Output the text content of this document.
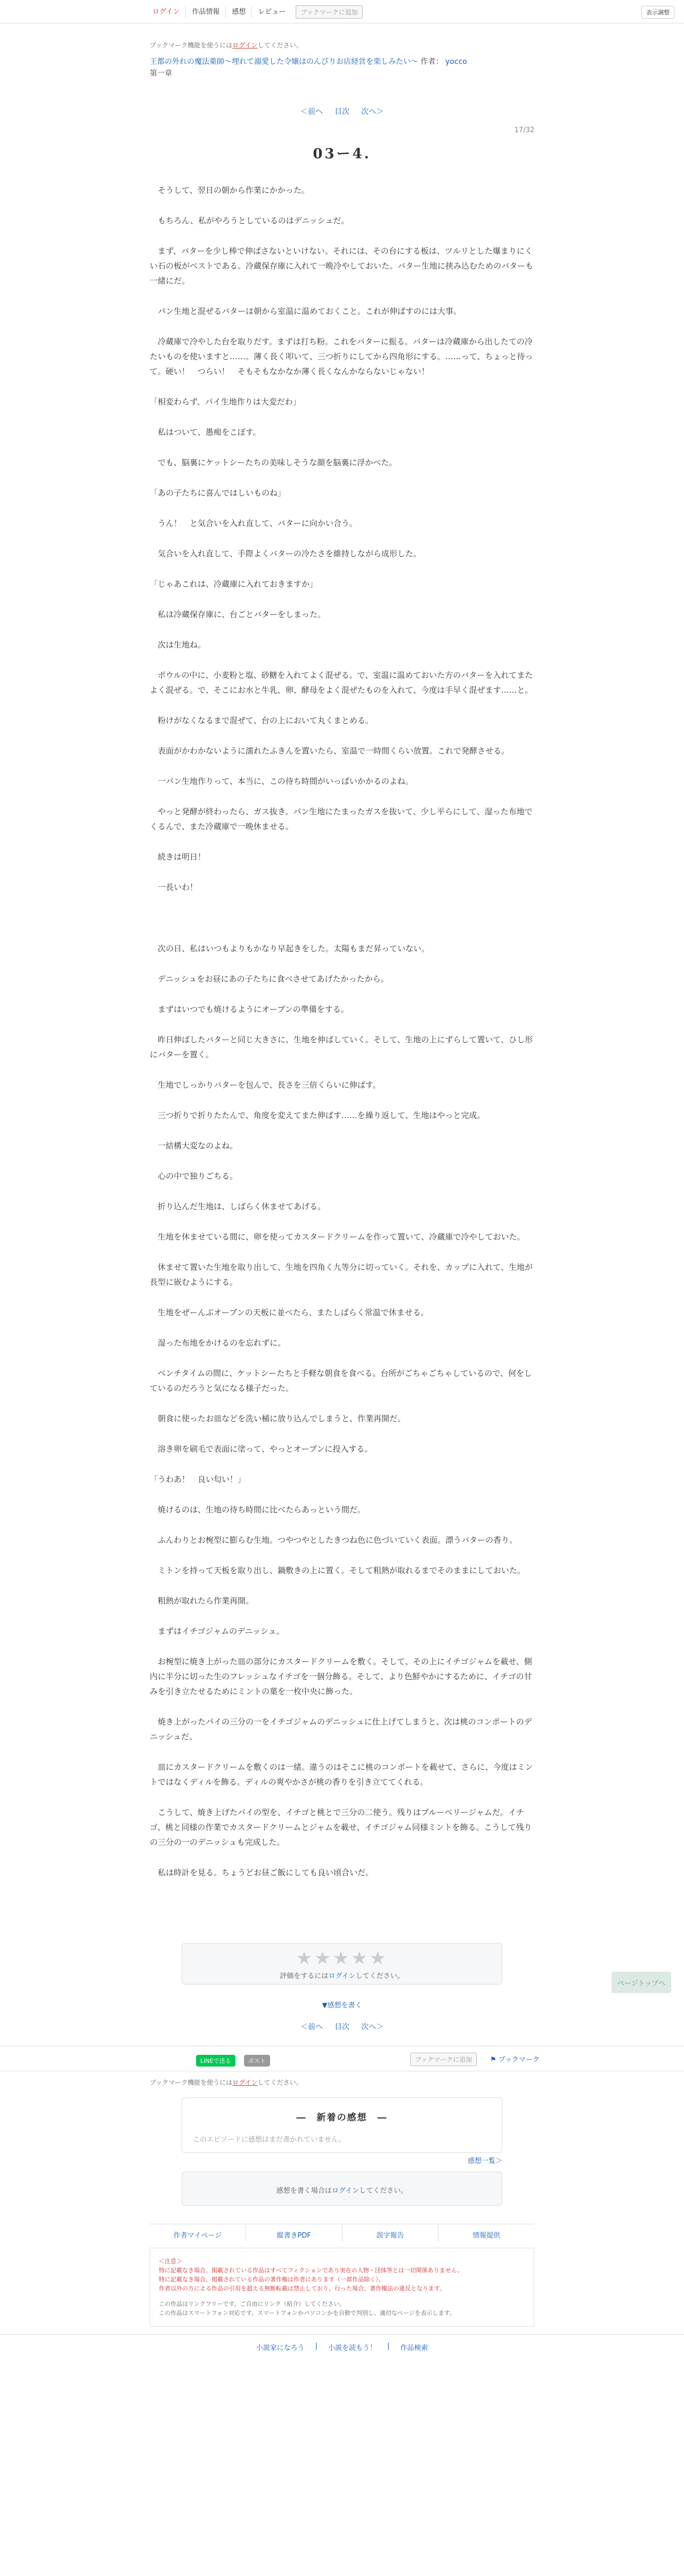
ログイン	作品情報	感想	レビュー	ブックマークに追加	表示調整
ブックマーク機能を使うにはログインしてください。
王都の外れの魔法薬師〜埋れて溺愛した令嬢はのんびりお店経営を楽しみたい〜 作者： yocco
第一章
＜前へ 目次 次へ＞
17/32
03ー4.

　そうして、翌日の朝から作業にかかった。

　もちろん、私がやろうとしているのはデニッシュだ。

　まず、バターを少し棒で伸ばさないといけない。それには、その台にする板は、ツルリとした爆まりにくい石の板がベストである。冷蔵保存庫に入れて一晩冷やしておいた。バター生地に挟み込むためのバターも一緒にだ。

　パン生地と混ぜるバターは朝から室温に温めておくこと。これが伸ばすのには大事。

　冷蔵庫で冷やした台を取りだす。まずは打ち粉。これをバターに振る。バターは冷蔵庫から出したての冷たいものを使いますと……。薄く長く叩いて、三つ折りにしてから四角形にする。……って、ちょっと待って。硬い！　つらい！　そもそもなかなか薄く長くなんかならないじゃない！

「相変わらず、パイ生地作りは大変だわ」

　私はついて、愚痴をこぼす。

　でも、脳裏にケットシーたちの美味しそうな顔を脳裏に浮かべた。

「あの子たちに喜んではしいものね」

　うん！　と気合いを入れ直して、バターに向かい合う。

　気合いを入れ直して、手際よくバターの冷たさを維持しながら成形した。

「じゃあこれは、冷蔵庫に入れておきますか」

　私は冷蔵保存庫に、台ごとバターをしまった。

　次は生地ね。

　ボウルの中に、小麦粉と塩、砂糖を入れてよく混ぜる。で、室温に温めておいた方のバターを入れてまたよく混ぜる。で、そこにお水と牛乳、卵、酵母をよく混ぜたものを入れて、今度は手早く混ぜます……と。

　粉けがなくなるまで混ぜて、台の上において丸くまとめる。

　表面がかわかないように濡れたふきんを置いたら、室温で一時間くらい放置。これで発酵させる。

　一パン生地作りって、本当に、この待ち時間がいっぱいかかるのよね。

　やっと発酵が終わったら、ガス抜き。パン生地にたまったガスを抜いて、少し平らにして、湿った布地でくるんで、また冷蔵庫で一晩休ませる。

　続きは明日！

　一長いわ！

　次の日、私はいつもよりもかなり早起きをした。太陽もまだ昇っていない。

　デニッシュをお昼にあの子たちに食べさせてあげたかったから。

　まずはいつでも焼けるようにオーブンの準備をする。

　昨日伸ばしたバターと同じ大きさに、生地を伸ばしていく。そして、生地の上にずらして置いて、ひし形にバターを置く。

　生地でしっかりバターを包んで、長さを三倍くらいに伸ばす。

　三つ折りで折りたたんで、角度を変えてまた伸ばす……を繰り返して、生地はやっと完成。

　一結構大変なのよね。

　心の中で独りごちる。

　折り込んだ生地は、しばらく休ませてあげる。

　生地を休ませている間に、卵を使ってカスタードクリームを作って置いて、冷蔵庫で冷やしておいた。

　休ませて置いた生地を取り出して、生地を四角く九等分に切っていく。それを、カップに入れて、生地が長型に嵌むようにする。

　生地をぜーんぶオーブンの天板に並べたら、またしばらく常温で休ませる。

　湿った布地をかけるのを忘れずに。

　ベンチタイムの間に、ケットシーたちと手軽な朝食を食べる。台所がごちゃごちゃしているので、何をしているのだろうと気になる様子だった。

　朝食に使ったお皿などを洗い桶に放り込んでしまうと、作業再開だ。

　溶き卵を刷毛で表面に塗って、やっとオーブンに投入する。

「うわあ！　良い匂い！」

　焼けるのは、生地の待ち時間に比べたらあっという間だ。

　ふんわりとお椀型に膨らむ生地。つやつやとしたきつね色に色づいていく表面。漂うバターの香り。

　ミトンを持って天板を取り出し、鍋敷きの上に置く。そして粗熱が取れるまでそのままにしておいた。

　粗熱が取れたら作業再開。

　まずはイチゴジャムのデニッシュ。

　お椀型に焼き上がった皿の部分にカスタードクリームを敷く。そして、その上にイチゴジャムを載せ、側内に半分に切った生のフレッシュなイチゴを一個分飾る。そして、より色鮮やかにするために、イチゴの甘みを引き立たせるためにミントの葉を一枚中央に飾った。

　焼き上がったパイの三分の一をイチゴジャムのデニッシュに仕上げてしまうと、次は桃のコンポートのデニッシュだ。

　皿にカスタードクリームを敷くのは一緒。違うのはそこに桃のコンポートを載せて、さらに、今度はミントではなくディルを飾る。ディルの爽やかさが桃の香りを引き立ててくれる。

　こうして、焼き上げたパイの型を、イチゴと桃とで三分の二使う。残りはブルーベリージャムだ。イチゴ、桃と同様の作業でカスタードクリームとジャムを載せ、イチゴジャム同様ミントを飾る。こうして残りの三分の一のデニッシュも完成した。

　私は時計を見る。ちょうどお昼ご飯にしても良い頃合いだ。

ページトップへ
★★★★★
評価をするにはログインしてください。
▼感想を書く
＜前へ 目次 次へ＞
LINEで送る	ポスト	ブックマークに追加	⚑ ブックマーク
ブックマーク機能を使うにはログインしてください。
―　新着の感想　―
このエピソードに感想はまだ書かれていません。
感想一覧＞
感想を書く場合はログインしてください。
作者マイページ	縦書きPDF	誤字報告	情報提供
＜注意＞
特に記載なき場合、掲載されている作品はすべてフィクションであり実在の人物・団体等とは一切関係ありません。
特に記載なき場合、掲載されている作品の著作権は作者にあります（一部作品除く）。
作者以外の方による作品の引用を超える無断転載は禁止しており、行った場合、著作権法の違反となります。
この作品はリンクフリーです。ご自由にリンク（紹介）してください。
この作品はスマートフォン対応です。スマートフォンかパソコンかを自動で判別し、適切なページを表示します。
小説家になろう | 小説を読もう！ | 作品検索
